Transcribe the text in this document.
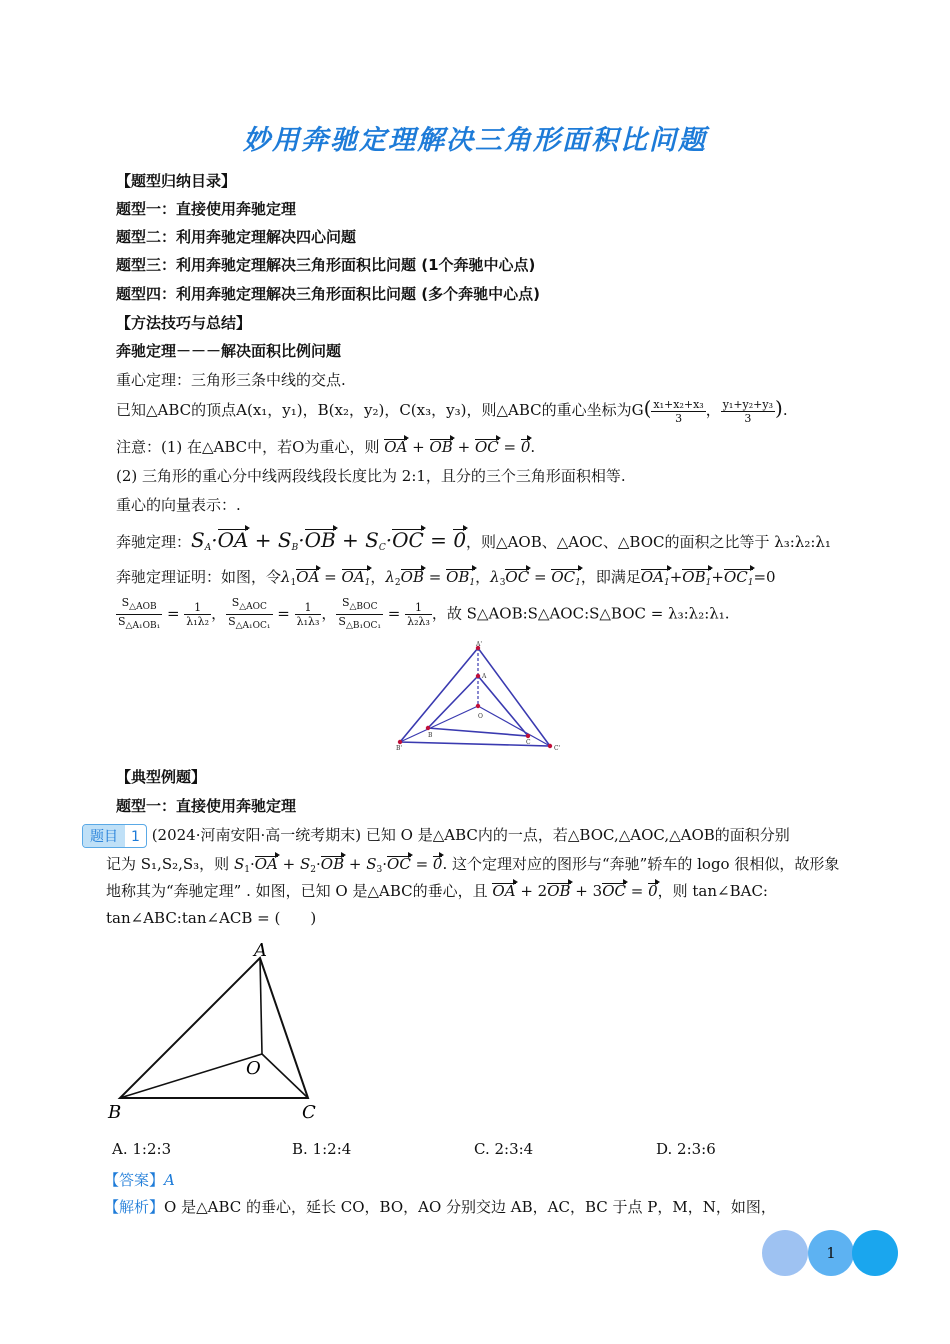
妙用奔驰定理解决三角形面积比问题
【题型归纳目录】
题型一：直接使用奔驰定理
题型二：利用奔驰定理解决四心问题
题型三：利用奔驰定理解决三角形面积比问题 (1个奔驰中心点)
题型四：利用奔驰定理解决三角形面积比问题 (多个奔驰中心点)
【方法技巧与总结】
奔驰定理－－－解决面积比例问题
重心定理：三角形三条中线的交点.
已知△ABC的顶点A(x₁，y₁)，B(x₂，y₂)，C(x₃，y₃)，则△ABC的重心坐标为$G( \frac{\text{x₁+x₂+x₃}}{3}$ ， $\frac{\text{y₁+y₂+y₃}}{3}$ ).
注意：(1) 在△ABC中，若O为重心，则 OA + OB + OC = 0.
(2) 三角形的重心分中线两段线段长度比为 2:1，且分的三个三角形面积相等.
重心的向量表示：.
奔驰定理：$S_A\cdot OA + S_B\cdot OB + S_C\cdot OC = 0$，则△AOB、△AOC、△BOC的面积之比等于 λ₃:λ₂:λ₁
奔驰定理证明：如图，令$\lambda_1OA = OA_1$，$\lambda_2OB = OB_1$，$\lambda_3OC = OC_1$，即满足$OA_1+OB_1+OC_1=0$
$\frac{S_{\triangle AOB}}{S_{\triangle A_1OB_1}} = \frac{1}{\text{λ₁λ₂}}$ ， $\frac{S_{\triangle AOC}}{S_{\triangle A_1OC_1}} = \frac{1}{\text{λ₁λ₃}}$ ， $\frac{S_{\triangle BOC}}{S_{\triangle B_1OC_1}} = \frac{1}{\text{λ₂λ₃}}$ ，故 S△AOB:S△AOC:S△BOC = λ₃:λ₂:λ₁.
A'
A
O
B
B'
C
C'
【典型例题】
题型一：直接使用奔驰定理
题目 1 (2024·河南安阳·高一统考期末) 已知 O 是△ABC内的一点，若△BOC,△AOC,△AOB的面积分别
记为 S₁,S₂,S₃，则 $S_1\cdot OA + S_2\cdot OB + S_3\cdot OC = 0$. 这个定理对应的图形与“奔驰”轿车的 logo 很相似，故形象
地称其为“奔驰定理” . 如图，已知 O 是△ABC的垂心，且 OA + 2OB + 3OC = 0，则 tan∠BAC:
tan∠ABC:tan∠ACB = (　　)
A
B	C
O
A. 1:2:3	B. 1:2:4	C. 2:3:4	D. 2:3:6
【答案】A
【解析】O 是△ABC 的垂心，延长 CO，BO，AO 分别交边 AB，AC，BC 于点 P，M，N，如图，
1
